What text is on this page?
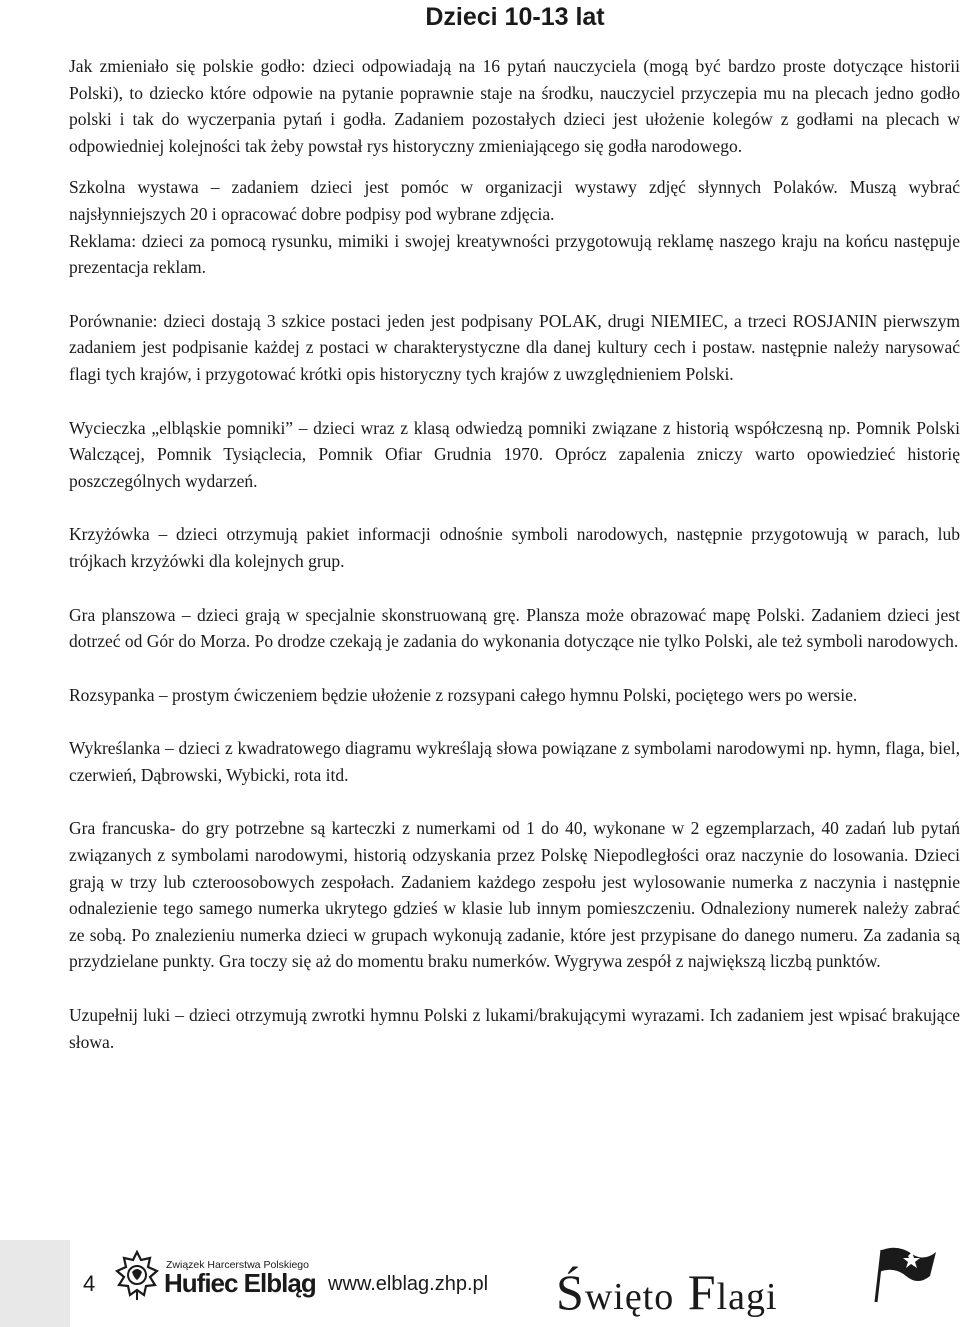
Dzieci 10-13 lat

Jak zmieniało się polskie godło: dzieci odpowiadają na 16 pytań nauczyciela (mogą być bardzo proste dotyczące historii Polski), to dziecko które odpowie na pytanie poprawnie staje na środku, nauczyciel przyczepia mu na plecach jedno godło polski i tak do wyczerpania pytań i godła. Zadaniem pozostałych dzieci jest ułożenie kolegów z godłami na plecach w odpowiedniej kolejności tak żeby powstał rys historyczny zmieniającego się godła narodowego.

Szkolna wystawa – zadaniem dzieci jest pomóc w organizacji wystawy zdjęć słynnych Polaków. Muszą wybrać najsłynniejszych 20 i opracować dobre podpisy pod wybrane zdjęcia.

Reklama: dzieci za pomocą rysunku, mimiki i swojej kreatywności przygotowują reklamę naszego kraju na końcu następuje prezentacja reklam.

Porównanie: dzieci dostają 3 szkice postaci jeden jest podpisany POLAK, drugi NIEMIEC, a trzeci ROSJANIN pierwszym zadaniem jest podpisanie każdej z postaci w charakterystyczne dla danej kultury cech i postaw. następnie należy narysować flagi tych krajów, i przygotować krótki opis historyczny tych krajów z uwzględnieniem Polski.

Wycieczka „elbląskie pomniki” – dzieci wraz z klasą odwiedzą pomniki związane z historią współczesną np. Pomnik Polski Walczącej, Pomnik Tysiąclecia, Pomnik Ofiar Grudnia 1970. Oprócz zapalenia zniczy warto opowiedzieć historię poszczególnych wydarzeń.

Krzyżówka – dzieci otrzymują pakiet informacji odnośnie symboli narodowych, następnie przygotowują w parach, lub trójkach krzyżówki dla kolejnych grup.

Gra planszowa – dzieci grają w specjalnie skonstruowaną grę. Plansza może obrazować mapę Polski. Zadaniem dzieci jest dotrzeć od Gór do Morza. Po drodze czekają je zadania do wykonania dotyczące nie tylko Polski, ale też symboli narodowych.

Rozsypanka – prostym ćwiczeniem będzie ułożenie z rozsypani całego hymnu Polski, pociętego wers po wersie.

Wykreślanka – dzieci z kwadratowego diagramu wykreślają słowa powiązane z symbolami narodowymi np. hymn, flaga, biel, czerwień, Dąbrowski, Wybicki, rota itd.

Gra francuska- do gry potrzebne są karteczki z numerkami od 1 do 40, wykonane w 2 egzemplarzach, 40 zadań lub pytań związanych z symbolami narodowymi, historią odzyskania przez Polskę Niepodległości oraz naczynie do losowania. Dzieci grają w trzy lub czteroosobowych zespołach. Zadaniem każdego zespołu jest wylosowanie numerka z naczynia i następnie odnalezienie tego samego numerka ukrytego gdzieś w klasie lub innym pomieszczeniu. Odnaleziony numerek należy zabrać ze sobą. Po znalezieniu numerka dzieci w grupach wykonują zadanie, które jest przypisane do danego numeru. Za zadania są przydzielane punkty. Gra toczy się aż do momentu braku numerków. Wygrywa zespół z największą liczbą punktów.

Uzupełnij luki – dzieci otrzymują zwrotki hymnu Polski z lukami/brakującymi wyrazami. Ich zadaniem jest wpisać brakujące słowa.

4
Związek Harcerstwa Polskiego
Hufiec Elbląg www.elblag.zhp.pl Święto Flagi
